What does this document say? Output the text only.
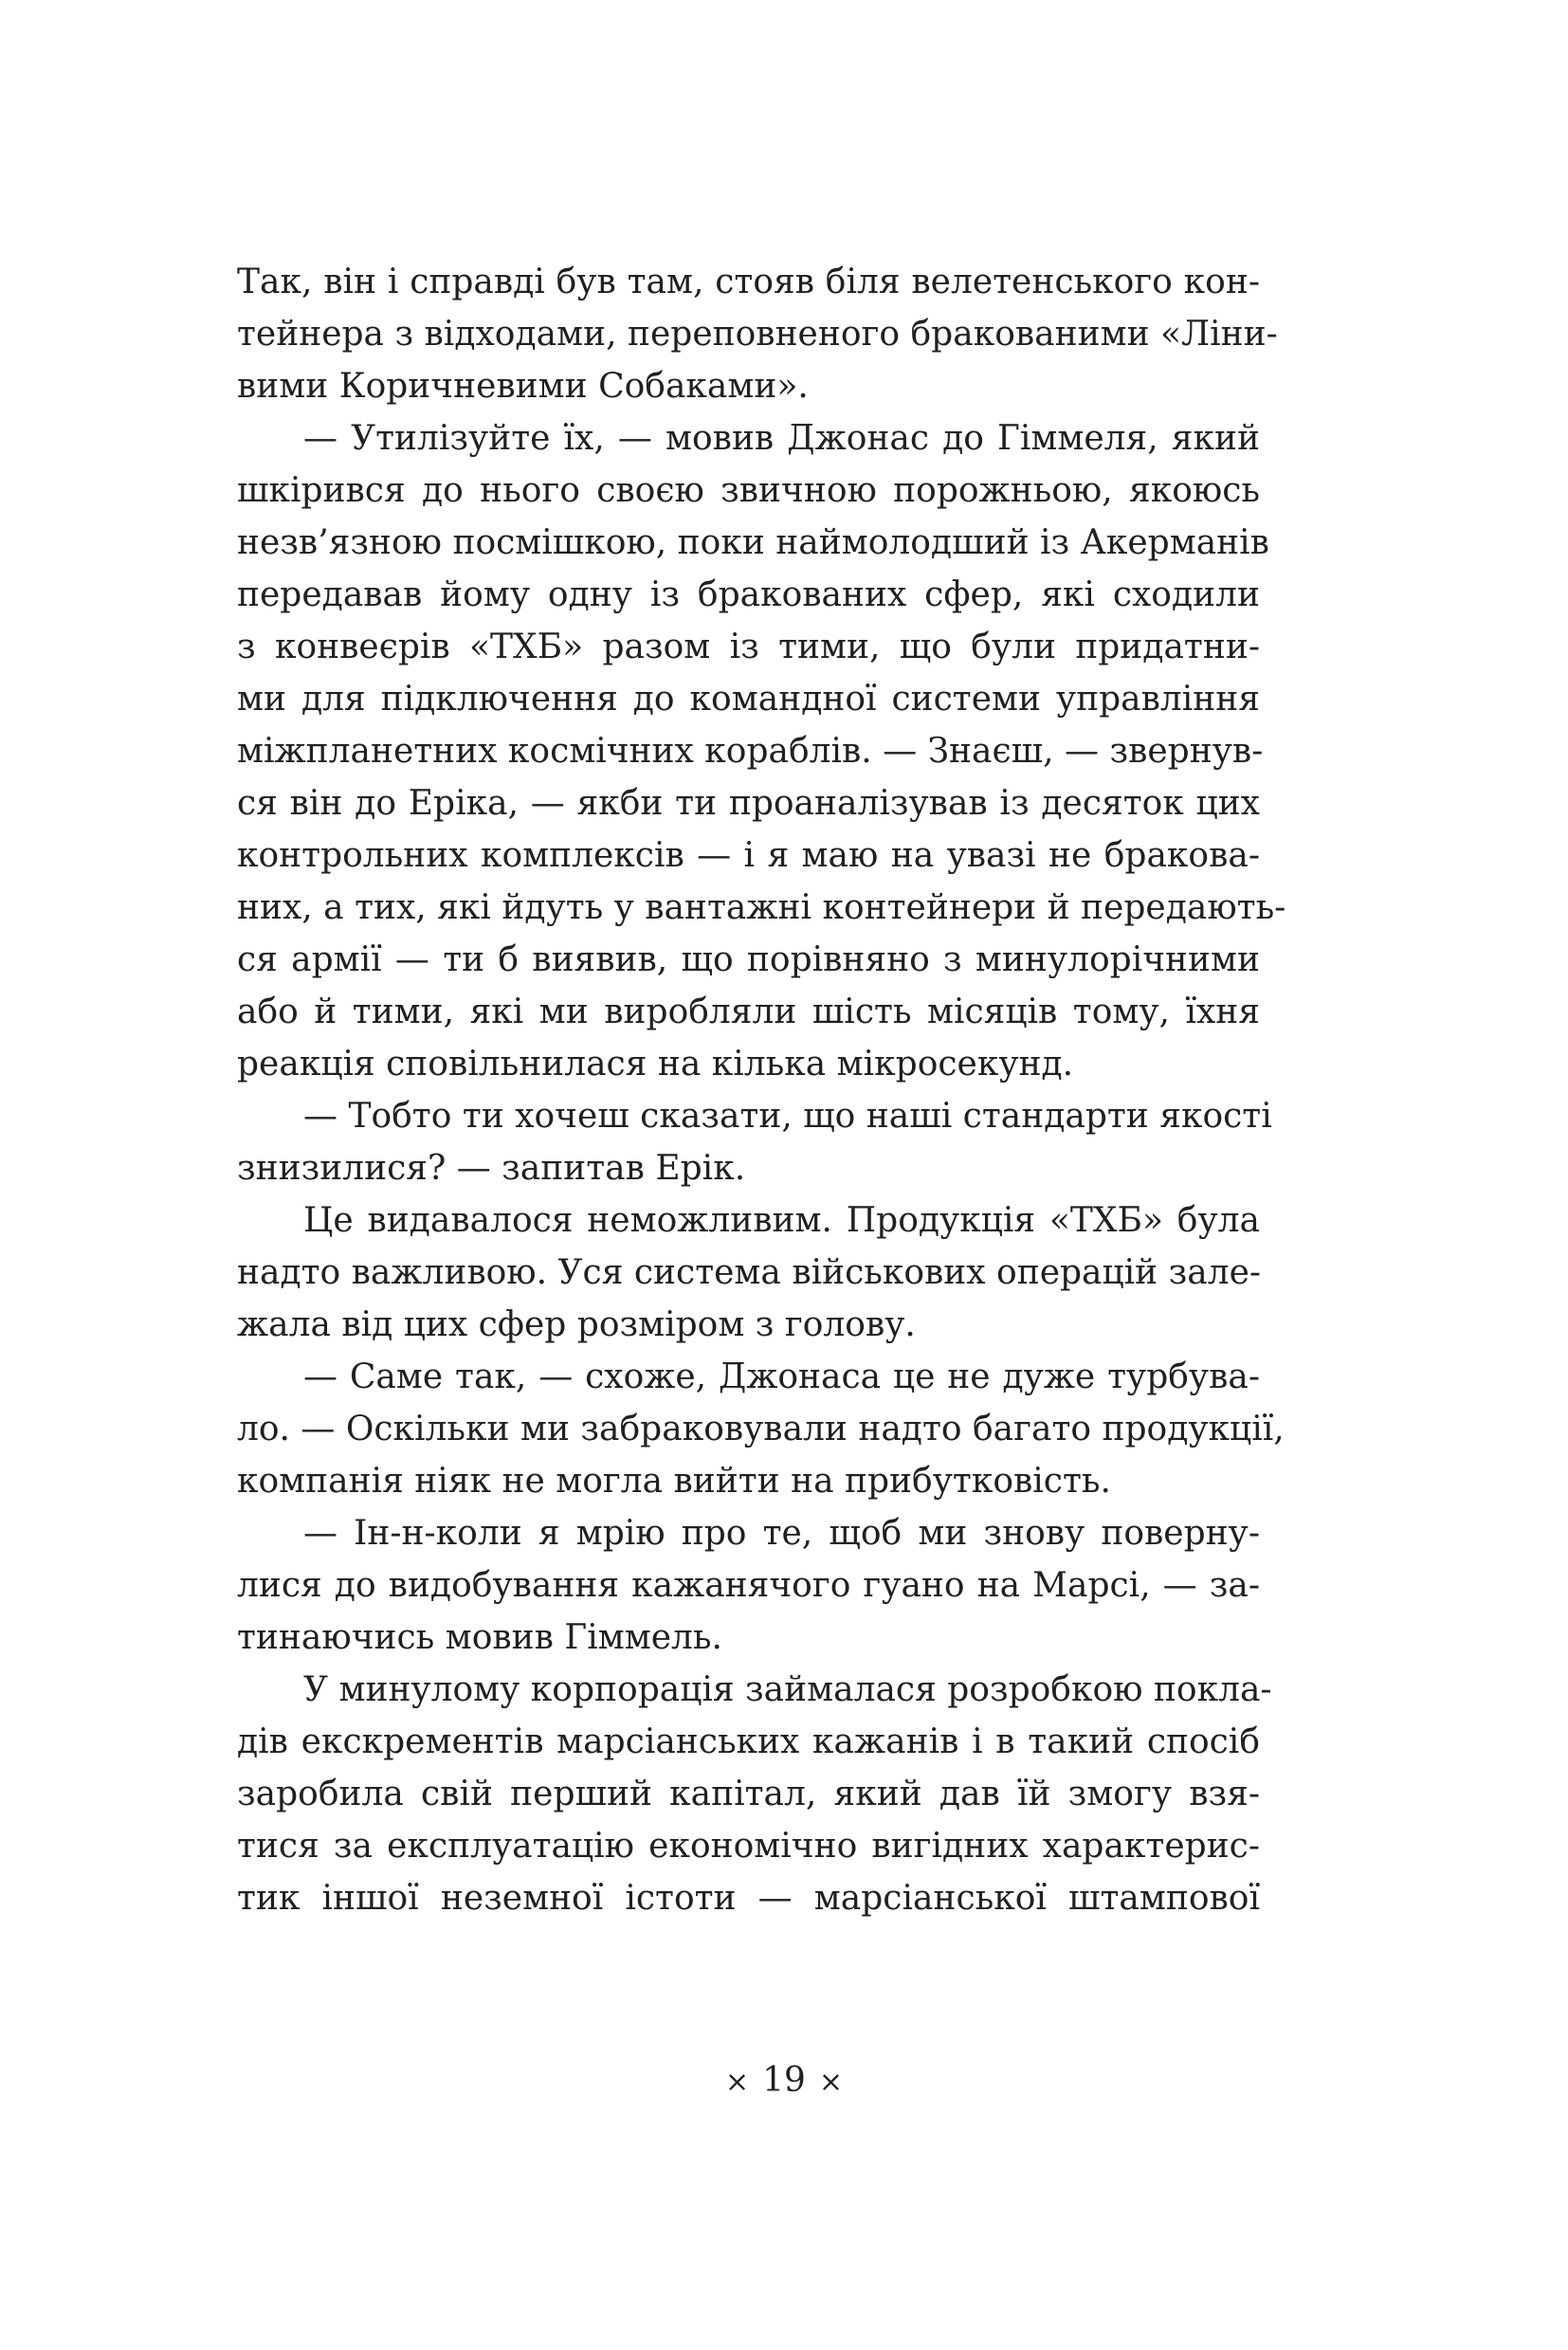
Так, він і справді був там, стояв біля велетенського кон-
тейнера з відходами, переповненого бракованими «Ліни-
вими Коричневими Собаками».
— Утилізуйте їх, — мовив Джонас до Гіммеля, який
шкірився до нього своєю звичною порожньою, якоюсь
незв’язною посмішкою, поки наймолодший із Акерманів
передавав йому одну із бракованих сфер, які сходили
з конвеєрів «ТХБ» разом із тими, що були придатни-
ми для підключення до командної системи управління
міжпланетних космічних кораблів. — Знаєш, — звернув-
ся він до Еріка, — якби ти проаналізував із десяток цих
контрольних комплексів — і я маю на увазі не бракова-
них, а тих, які йдуть у вантажні контейнери й передають-
ся армії — ти б виявив, що порівняно з минулорічними
або й тими, які ми виробляли шість місяців тому, їхня
реакція сповільнилася на кілька мікросекунд.
— Тобто ти хочеш сказати, що наші стандарти якості
знизилися? — запитав Ерік.
Це видавалося неможливим. Продукція «ТХБ» була
надто важливою. Уся система військових операцій зале-
жала від цих сфер розміром з голову.
— Саме так, — схоже, Джонаса це не дуже турбува-
ло. — Оскільки ми забраковували надто багато продукції,
компанія ніяк не могла вийти на прибутковість.
— Ін-н-коли я мрію про те, щоб ми знову поверну-
лися до видобування кажанячого гуано на Марсі, — за-
тинаючись мовив Гіммель.
У минулому корпорація займалася розробкою покла-
дів екскрементів марсіанських кажанів і в такий спосіб
заробила свій перший капітал, який дав їй змогу взя-
тися за експлуатацію економічно вигідних характерис-
тик іншої неземної істоти — марсіанської штампової
× 19 ×
